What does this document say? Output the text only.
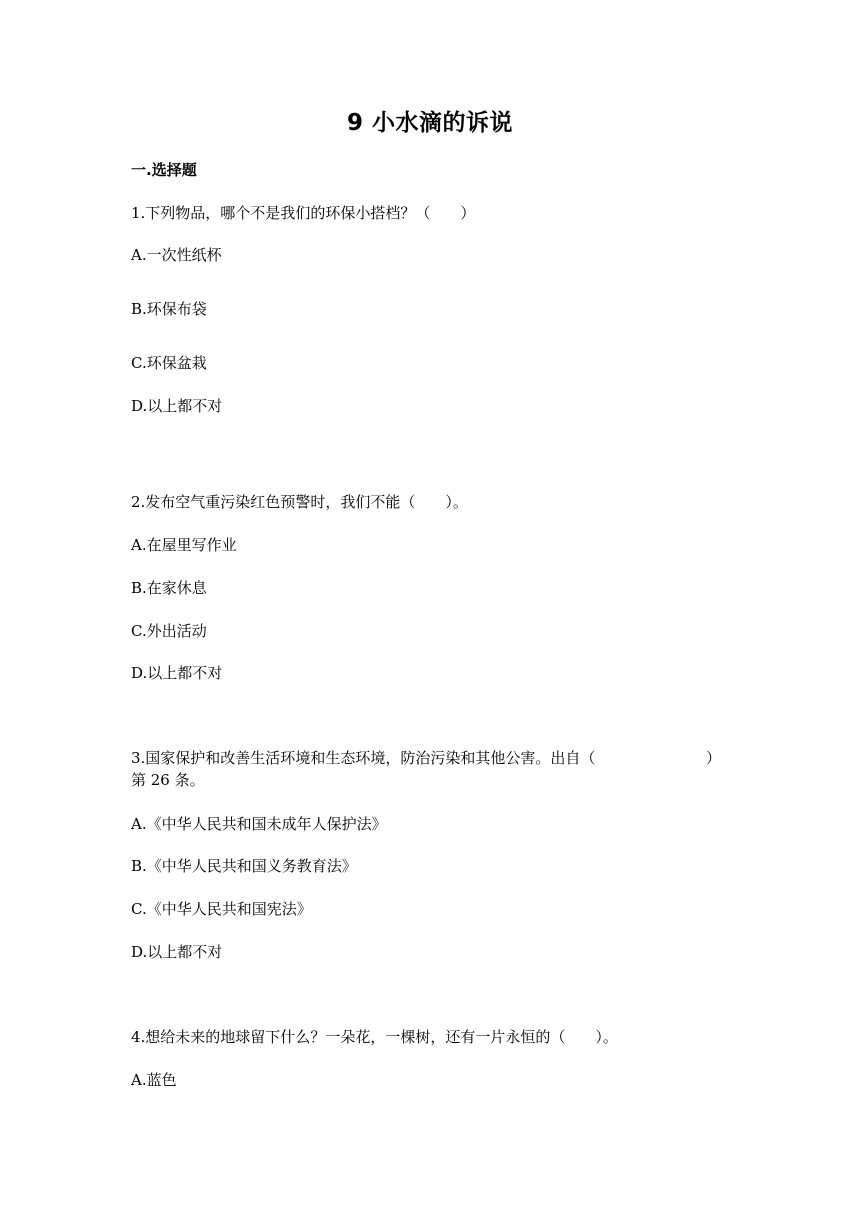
9 小水滴的诉说
一.选择题
1.下列物品，哪个不是我们的环保小搭档？（　　）
A.一次性纸杯
B.环保布袋
C.环保盆栽
D.以上都不对
2.发布空气重污染红色预警时，我们不能（　　）。
A.在屋里写作业
B.在家休息
C.外出活动
D.以上都不对
3.国家保护和改善生活环境和生态环境，防治污染和其他公害。出自（	）
第 26 条。
A.《中华人民共和国未成年人保护法》
B.《中华人民共和国义务教育法》
C.《中华人民共和国宪法》
D.以上都不对
4.想给未来的地球留下什么？一朵花，一棵树，还有一片永恒的（　　）。
A.蓝色
